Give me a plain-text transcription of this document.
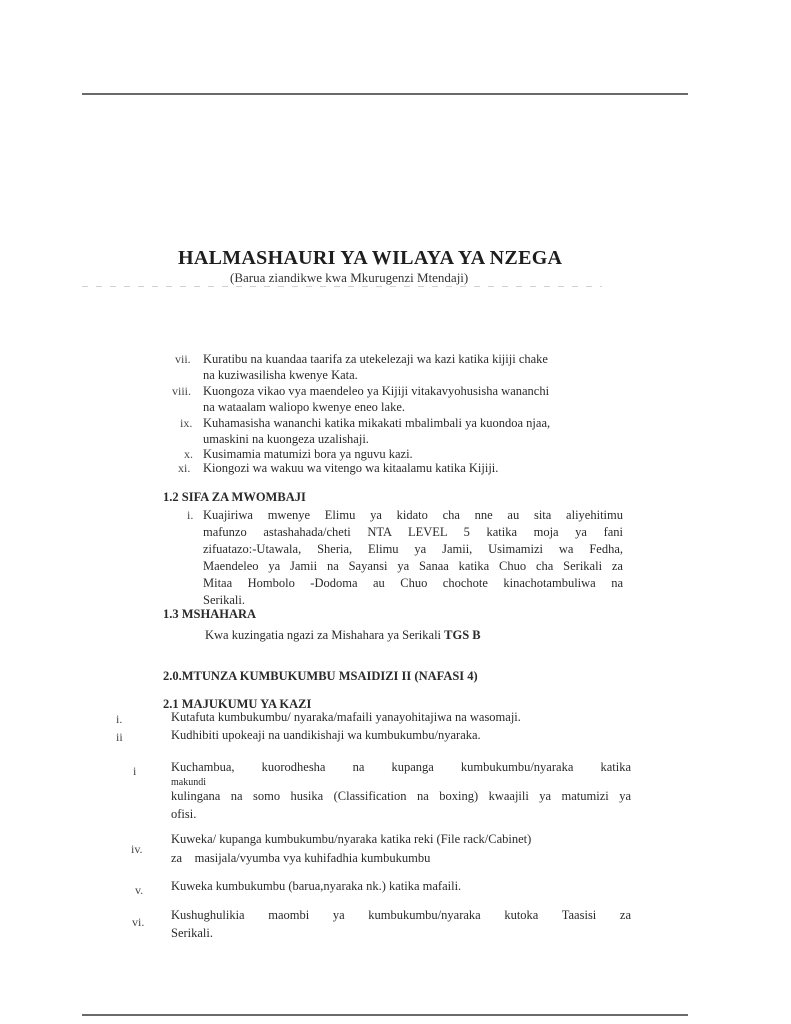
HALMASHAURI YA WILAYA YA NZEGA
(Barua ziandikwe kwa Mkurugenzi Mtendaji)
vii. Kuratibu na kuandaa taarifa za utekelezaji wa kazi katika kijiji chake
na kuziwasilisha kwenye Kata.
viii. Kuongoza vikao vya maendeleo ya Kijiji vitakavyohusisha wananchi
na wataalam waliopo kwenye eneo lake.
ix. Kuhamasisha wananchi katika mikakati mbalimbali ya kuondoa njaa,
umaskini na kuongeza uzalishaji.
x. Kusimamia matumizi bora ya nguvu kazi.
xi. Kiongozi wa wakuu wa vitengo wa kitaalamu katika Kijiji.
1.2 SIFA ZA MWOMBAJI
i. Kuajiriwa mwenye Elimu ya kidato cha nne au sita aliyehitimu
mafunzo astashahada/cheti NTA LEVEL 5 katika moja ya fani
zifuatazo:-Utawala, Sheria, Elimu ya Jamii, Usimamizi wa Fedha,
Maendeleo ya Jamii na Sayansi ya Sanaa katika Chuo cha Serikali za
Mitaa Hombolo -Dodoma au Chuo chochote kinachotambuliwa na
Serikali.
1.3 MSHAHARA
Kwa kuzingatia ngazi za Mishahara ya Serikali TGS B
2.0.MTUNZA KUMBUKUMBU MSAIDIZI II (NAFASI 4)
2.1 MAJUKUMU YA KAZI
i.	Kutafuta kumbukumbu/ nyaraka/mafaili yanayohitajiwa na wasomaji.
ii	Kudhibiti upokeaji na uandikishaji wa kumbukumbu/nyaraka.
i	Kuchambua, kuorodhesha na kupanga kumbukumbu/nyaraka katika
makundi
kulingana na somo husika (Classification na boxing) kwaajili ya matumizi ya
ofisi.
iv.
Kuweka/ kupanga kumbukumbu/nyaraka katika reki (File rack/Cabinet)
za    masijala/vyumba vya kuhifadhia kumbukumbu
v. Kuweka kumbukumbu (barua,nyaraka nk.) katika mafaili.
vi. Kushughulikia maombi ya kumbukumbu/nyaraka kutoka Taasisi za
Serikali.
